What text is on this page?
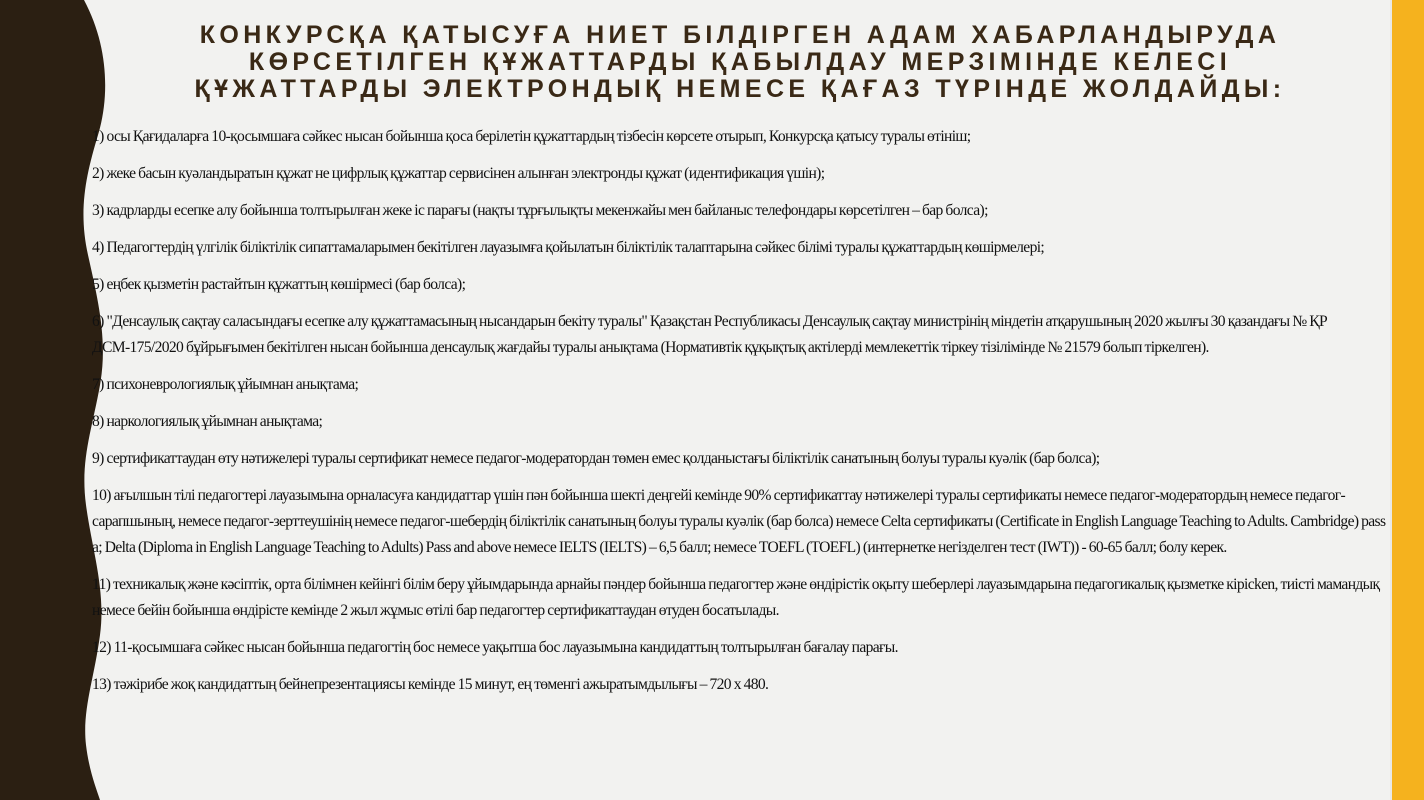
КОНКУРСҚА ҚАТЫСУҒА НИЕТ БІЛДІРГЕН АДАМ ХАБАРЛАНДЫРУДА КӨРСЕТІЛГЕН ҚҰЖАТТАРДЫ ҚАБЫЛДАУ МЕРЗІМІНДЕ КЕЛЕСІ ҚҰЖАТТАРДЫ ЭЛЕКТРОНДЫҚ НЕМЕСЕ ҚАҒАЗ ТҮРІНДЕ ЖОЛДАЙДЫ:
1) осы Қағидаларға 10-қосымшаға сәйкес нысан бойынша қоса берілетін құжаттардың тізбесін көрсете отырып, Конкурсқа қатысу туралы өтініш;
2) жеке басын куәландыратын құжат не цифрлық құжаттар сервисінен алынған электронды құжат (идентификация үшін);
3) кадрларды есепке алу бойынша толтырылған жеке іс парағы (нақты тұрғылықты мекенжайы мен байланыс телефондары көрсетілген – бар болса);
4) Педагогтердің үлгілік біліктілік сипаттамаларымен бекітілген лауазымға қойылатын біліктілік талаптарына сәйкес білімі туралы құжаттардың көшірмелері;
5) еңбек қызметін растайтын құжаттың көшірмесі (бар болса);
6) "Денсаулық сақтау саласындағы есепке алу құжаттамасының нысандарын бекіту туралы" Қазақстан Республикасы Денсаулық сақтау министрінің міндетін атқарушының 2020 жылғы 30 қазандағы № ҚР ДСМ-175/2020 бұйрығымен бекітілген нысан бойынша денсаулық жағдайы туралы анықтама (Нормативтік құқықтық актілерді мемлекеттік тіркеу тізілімінде № 21579 болып тіркелген).
7) психоневрологиялық ұйымнан анықтама;
8) наркологиялық ұйымнан анықтама;
9) сертификаттаудан өту нәтижелері туралы сертификат немесе педагог-модератордан төмен емес қолданыстағы біліктілік санатының болуы туралы куәлік (бар болса);
10) ағылшын тілі педагогтері лауазымына орналасуға кандидаттар үшін пән бойынша шекті деңгейі кемінде 90% сертификаттау нәтижелері туралы сертификаты немесе педагог-модератордың немесе педагог-сарапшының, немесе педагог-зерттеушінің немесе педагог-шебердің біліктілік санатының болуы туралы куәлік (бар болса) немесе Celta сертификаты (Certificate in English Language Teaching to Adults. Cambridge) pass a; Delta (Diploma in English Language Teaching to Adults) Pass and above немесе IELTS (IELTS) – 6,5 балл; немесе TOEFL (TOEFL) (интернетке негізделген тест (IWT)) - 60-65 балл; болу керек.
11) техникалық және кәсіптік, орта білімнен кейінгі білім беру ұйымдарында арнайы пәндер бойынша педагогтер және өндірістік оқыту шеберлері лауазымдарына педагогикалық қызметке кірісken, тиісті мамандық немесе бейін бойынша өндірісте кемінде 2 жыл жұмыс өтілі бар педагогтер сертификаттаудан өтуден босатылады.
12) 11-қосымшаға сәйкес нысан бойынша педагогтің бос немесе уақытша бос лауазымына кандидаттың толтырылған бағалау парағы.
13) тәжірибе жоқ кандидаттың бейнепрезентациясы кемінде 15 минут, ең төменгі ажыратымдылығы – 720 x 480.
